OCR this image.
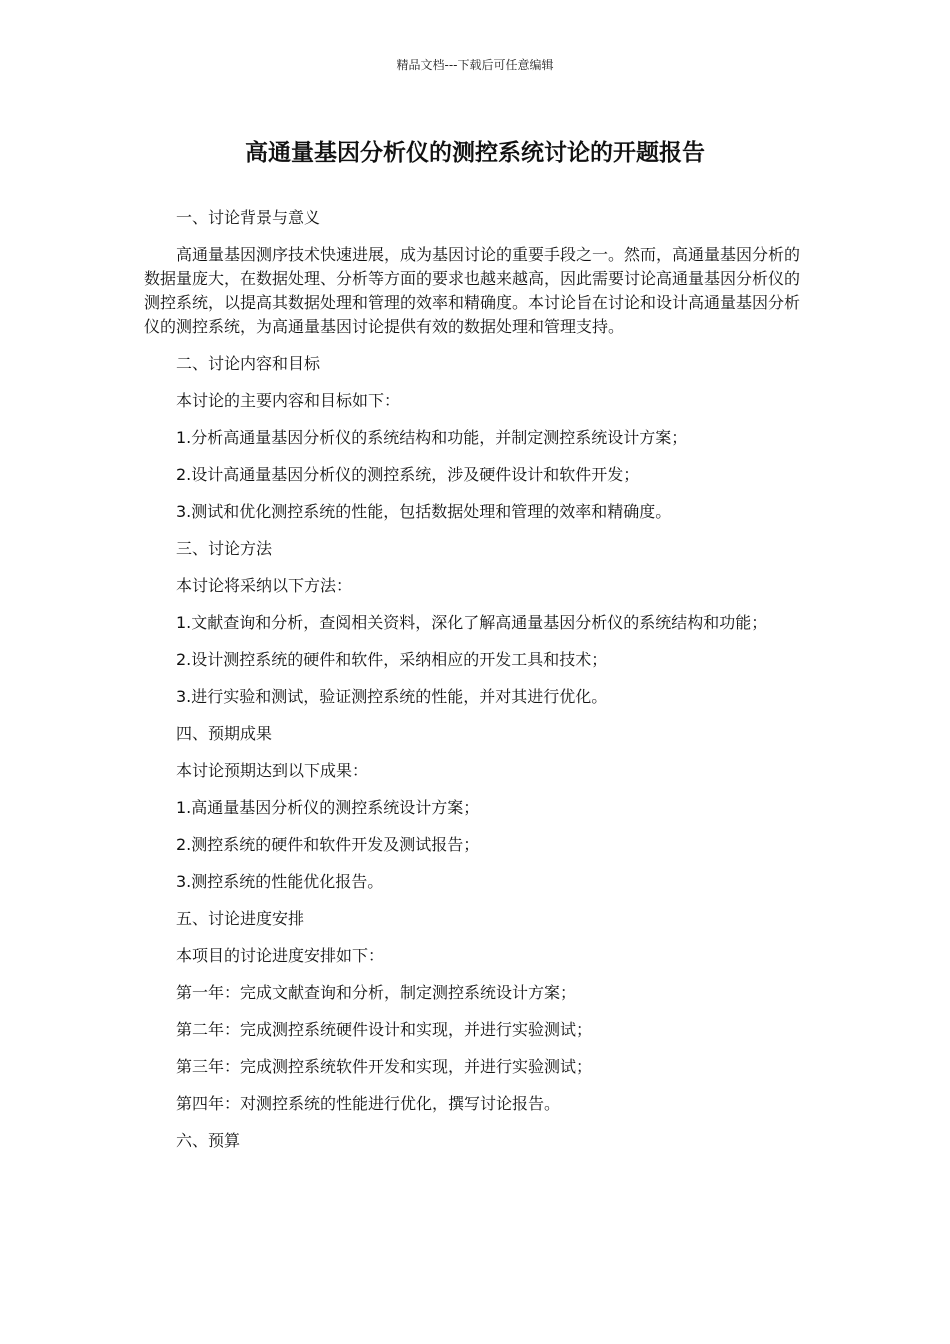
精品文档---下载后可任意编辑
高通量基因分析仪的测控系统讨论的开题报告

一、讨论背景与意义

高通量基因测序技术快速进展，成为基因讨论的重要手段之一。然而，高通量基因分析的数据量庞大，在数据处理、分析等方面的要求也越来越高，因此需要讨论高通量基因分析仪的测控系统，以提高其数据处理和管理的效率和精确度。本讨论旨在讨论和设计高通量基因分析仪的测控系统，为高通量基因讨论提供有效的数据处理和管理支持。

二、讨论内容和目标

本讨论的主要内容和目标如下：

1.分析高通量基因分析仪的系统结构和功能，并制定测控系统设计方案；

2.设计高通量基因分析仪的测控系统，涉及硬件设计和软件开发；

3.测试和优化测控系统的性能，包括数据处理和管理的效率和精确度。

三、讨论方法

本讨论将采纳以下方法：

1.文献查询和分析，查阅相关资料，深化了解高通量基因分析仪的系统结构和功能；

2.设计测控系统的硬件和软件，采纳相应的开发工具和技术；

3.进行实验和测试，验证测控系统的性能，并对其进行优化。

四、预期成果

本讨论预期达到以下成果：

1.高通量基因分析仪的测控系统设计方案；

2.测控系统的硬件和软件开发及测试报告；

3.测控系统的性能优化报告。

五、讨论进度安排

本项目的讨论进度安排如下：

第一年：完成文献查询和分析，制定测控系统设计方案；

第二年：完成测控系统硬件设计和实现，并进行实验测试；

第三年：完成测控系统软件开发和实现，并进行实验测试；

第四年：对测控系统的性能进行优化，撰写讨论报告。

六、预算
